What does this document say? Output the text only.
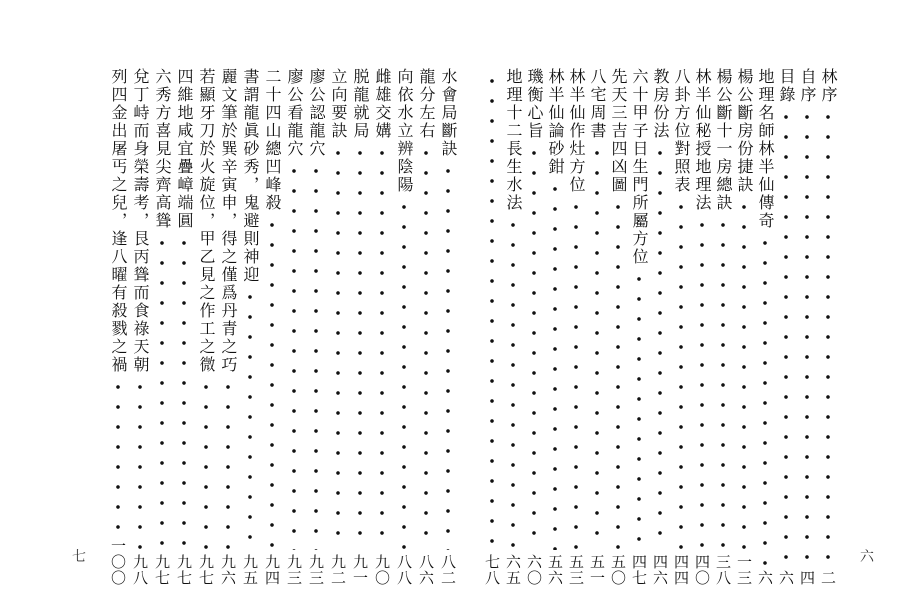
水會局斷訣
八二
龍分左右
八六
向依水立辨陰陽
八八
雌雄交媾
九〇
脱龍就局
九一
立向要訣
九二
廖公認龍穴
九三
廖公看龍穴
九三
二十四山總凹峰殺
九四
書謂龍眞砂秀，鬼避則神迎
九五
麗文筆於巽辛寅申，得之僅爲丹青之巧
九六
若顯牙刀於火旋位，甲乙見之作工之微
九七
四維地咸宜疊嶂端圓
九七
六秀方喜見尖齊高聳
九七
兌丁峙而身榮壽考，艮丙聳而食祿天朝
九八
列四金出屠丐之兒，逢八曜有殺戮之禍
一〇〇
林序
二
自序
四
目錄
六
地理名師林半仙傳奇
六
楊公斷房份捷訣
一三
楊公斷十一房總訣
三八
林半仙秘授地理法
四〇
八卦方位對照表
四四
教房份法
四六
六十甲子日生門所屬方位
四七
先天三吉四凶圖
五〇
八宅周書
五一
林半仙作灶方位
五三
林半仙論砂鉗
五六
璣衡心旨
六〇
地理十二長生水法
六五
七八
七	六
